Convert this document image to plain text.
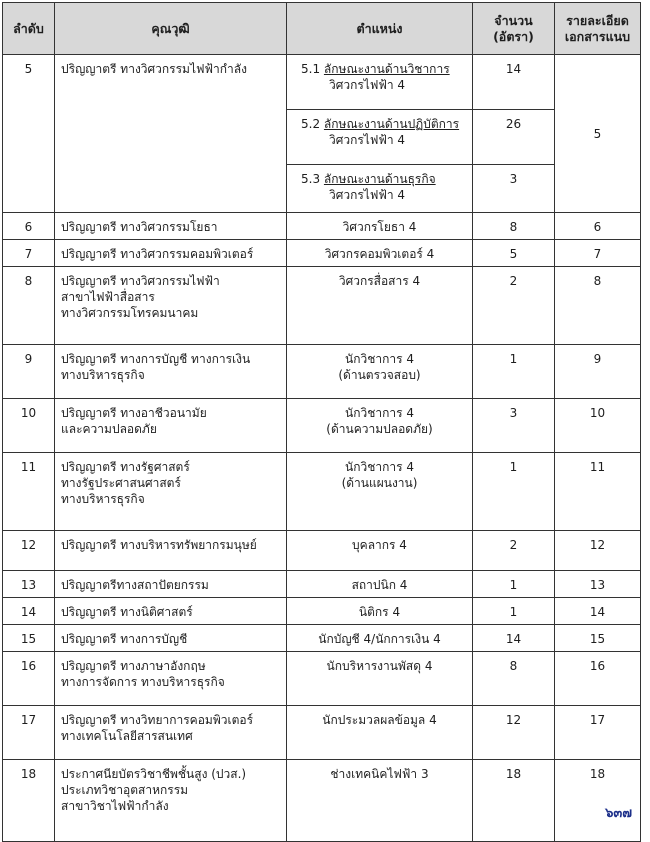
ลำดับ	คุณวุฒิ	ตำแหน่ง	จำนวน
(อัตรา)	รายละเอียด
เอกสารแนบ

5	ปริญญาตรี ทางวิศวกรรมไฟฟ้ากำลัง	5.1 ลักษณะงานด้านวิชาการ
วิศวกรไฟฟ้า 4	14	5

		5.2 ลักษณะงานด้านปฏิบัติการ
วิศวกรไฟฟ้า 4	26	

		5.3 ลักษณะงานด้านธุรกิจ
วิศวกรไฟฟ้า 4	3	
6	ปริญญาตรี ทางวิศวกรรมโยธา	วิศวกรโยธา 4	8	6
7	ปริญญาตรี ทางวิศวกรรมคอมพิวเตอร์	วิศวกรคอมพิวเตอร์ 4	5	7
8	ปริญญาตรี ทางวิศวกรรมไฟฟ้า
สาขาไฟฟ้าสื่อสาร
ทางวิศวกรรมโทรคมนาคม	วิศวกรสื่อสาร 4	2	8
9	ปริญญาตรี ทางการบัญชี ทางการเงิน
ทางบริหารธุรกิจ	นักวิชาการ 4
(ด้านตรวจสอบ)	1	9
10	ปริญญาตรี ทางอาชีวอนามัย
และความปลอดภัย	นักวิชาการ 4
(ด้านความปลอดภัย)	3	10
11	ปริญญาตรี ทางรัฐศาสตร์
ทางรัฐประศาสนศาสตร์
ทางบริหารธุรกิจ	นักวิชาการ 4
(ด้านแผนงาน)	1	11
12	ปริญญาตรี ทางบริหารทรัพยากรมนุษย์	บุคลากร 4	2	12
13	ปริญญาตรีทางสถาปัตยกรรม	สถาปนิก 4	1	13
14	ปริญญาตรี ทางนิติศาสตร์	นิติกร 4	1	14
15	ปริญญาตรี ทางการบัญชี	นักบัญชี 4/นักการเงิน 4	14	15
16	ปริญญาตรี ทางภาษาอังกฤษ
ทางการจัดการ ทางบริหารธุรกิจ	นักบริหารงานพัสดุ 4	8	16
17	ปริญญาตรี ทางวิทยาการคอมพิวเตอร์
ทางเทคโนโลยีสารสนเทศ	นักประมวลผลข้อมูล 4	12	17
18	ประกาศนียบัตรวิชาชีพชั้นสูง (ปวส.)
ประเภทวิชาอุตสาหกรรม
สาขาวิชาไฟฟ้ากำลัง	ช่างเทคนิคไฟฟ้า 3	18	18
๖๓๗
